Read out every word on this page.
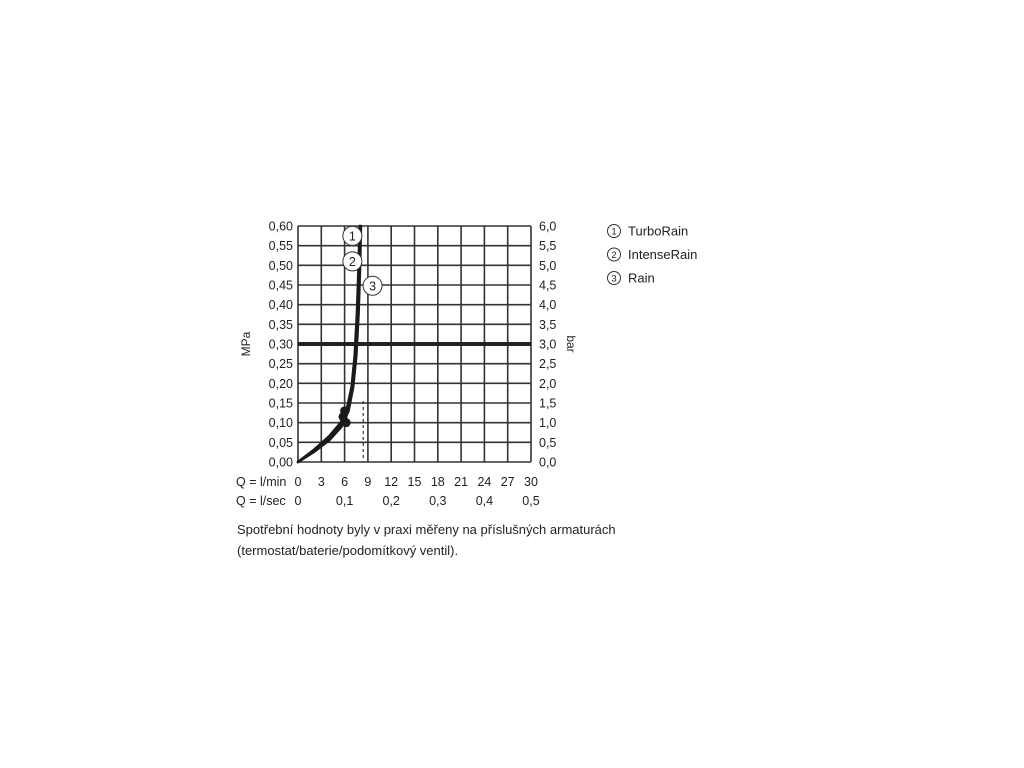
0,00
0,05
0,10
0,15
0,20
0,25
0,30
0,35
0,40
0,45
0,50
0,55
0,60
0,0
0,5
1,0
1,5
2,0
2,5
3,0
3,5
4,0
4,5
5,0
5,5
6,0
MPa	bar
Q = l/min 0 3 6 9 12 15 18 21 24 27 30
Q = l/sec 0	0,1 0,2 0,3 0,4 0,5
1
2
3
1 TurboRain
2 IntenseRain
3 Rain
Spotřební hodnoty byly v praxi měřeny na příslušných armaturách (termostat/baterie/podomítkový ventil).
